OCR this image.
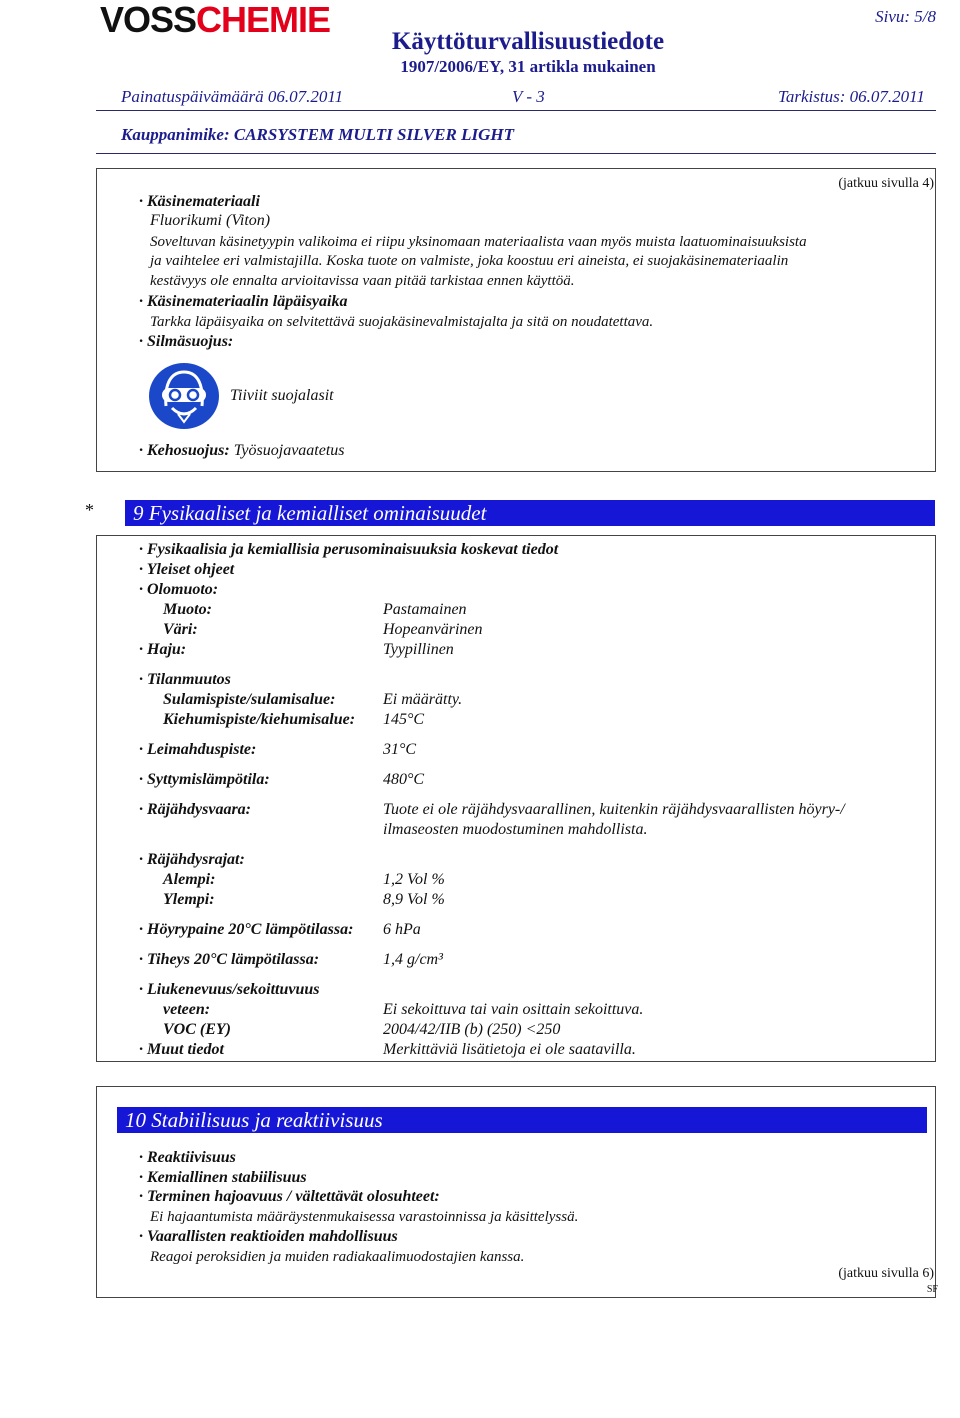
VOSSCHEMIE
Käyttöturvallisuustiedote
1907/2006/EY, 31 artikla mukainen
Sivu: 5/8
Painatuspäivämäärä 06.07.2011	V - 3	Tarkistus: 06.07.2011
Kauppanimike: CARSYSTEM MULTI SILVER LIGHT
(jatkuu sivulla 4)
· Käsinemateriaali
Fluorikumi (Viton)
Soveltuvan käsinetyypin valikoima ei riipu yksinomaan materiaalista vaan myös muista laatuominaisuuksista
ja vaihtelee eri valmistajilla. Koska tuote on valmiste, joka koostuu eri aineista, ei suojakäsinemateriaalin
kestävyys ole ennalta arvioitavissa vaan pitää tarkistaa ennen käyttöä.
· Käsinemateriaalin läpäisyaika
Tarkka läpäisyaika on selvitettävä suojakäsinevalmistajalta ja sitä on noudatettava.
· Silmäsuojus:
Tiiviit suojalasit
· Kehosuojus: Työsuojavaatetus
*	9 Fysikaaliset ja kemialliset ominaisuudet
· Fysikaalisia ja kemiallisia perusominaisuuksia koskevat tiedot
· Yleiset ohjeet
· Olomuoto:
Muoto:	Pastamainen
Väri:	Hopeanvärinen
· Haju:	Tyypillinen
· Tilanmuutos
Sulamispiste/sulamisalue:	Ei määrätty.
Kiehumispiste/kiehumisalue: 145°C
· Leimahduspiste:	31°C
· Syttymislämpötila:	480°C
· Räjähdysvaara:	Tuote ei ole räjähdysvaarallinen, kuitenkin räjähdysvaarallisten höyry-/
ilmaseosten muodostuminen mahdollista.
· Räjähdysrajat:
Alempi:	1,2 Vol %
Ylempi:	8,9 Vol %
· Höyrypaine 20°C lämpötilassa: 6 hPa
· Tiheys 20°C lämpötilassa:	1,4 g/cm³
· Liukenevuus/sekoittuvuus
veteen:	Ei sekoittuva tai vain osittain sekoittuva.
VOC (EY)	2004/42/IIB (b) (250) <250
· Muut tiedot	Merkittäviä lisätietoja ei ole saatavilla.
10 Stabiilisuus ja reaktiivisuus
· Reaktiivisuus
· Kemiallinen stabiilisuus
· Terminen hajoavuus / vältettävät olosuhteet:
Ei hajaantumista määräystenmukaisessa varastoinnissa ja käsittelyssä.
· Vaarallisten reaktioiden mahdollisuus
Reagoi peroksidien ja muiden radiakaalimuodostajien kanssa.
(jatkuu sivulla 6)
SF
